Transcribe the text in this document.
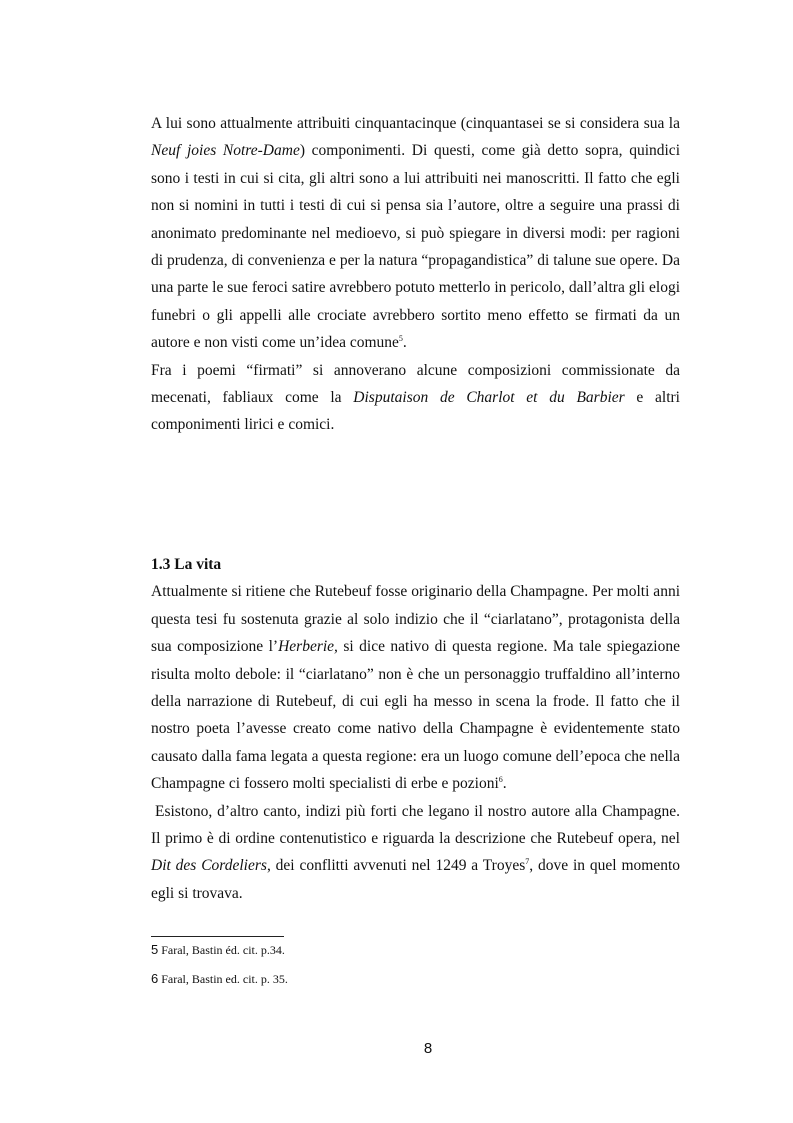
A lui sono attualmente attribuiti cinquantacinque (cinquantasei se si considera sua la Neuf joies Notre-Dame) componimenti. Di questi, come già detto sopra, quindici sono i testi in cui si cita, gli altri sono a lui attribuiti nei manoscritti. Il fatto che egli non si nomini in tutti i testi di cui si pensa sia l’autore, oltre a seguire una prassi di anonimato predominante nel medioevo, si può spiegare in diversi modi: per ragioni di prudenza, di convenienza e per la natura “propagandistica” di talune sue opere. Da una parte le sue feroci satire avrebbero potuto metterlo in pericolo, dall’altra gli elogi funebri o gli appelli alle crociate avrebbero sortito meno effetto se firmati da un autore e non visti come un’idea comune$^5$.

Fra i poemi “firmati” si annoverano alcune composizioni commissionate da mecenati, fabliaux come la Disputaison de Charlot et du Barbier e altri componimenti lirici e comici.

1.3 La vita

Attualmente si ritiene che Rutebeuf fosse originario della Champagne. Per molti anni questa tesi fu sostenuta grazie al solo indizio che il “ciarlatano”, protagonista della sua composizione l’Herberie, si dice nativo di questa regione. Ma tale spiegazione risulta molto debole: il “ciarlatano” non è che un personaggio truffaldino all’interno della narrazione di Rutebeuf, di cui egli ha messo in scena la frode. Il fatto che il nostro poeta l’avesse creato come nativo della Champagne è evidentemente stato causato dalla fama legata a questa regione: era un luogo comune dell’epoca che nella Champagne ci fossero molti specialisti di erbe e pozioni$^6$.

Esistono, d’altro canto, indizi più forti che legano il nostro autore alla Champagne. Il primo è di ordine contenutistico e riguarda la descrizione che Rutebeuf opera, nel Dit des Cordeliers, dei conflitti avvenuti nel 1249 a Troyes$^7$, dove in quel momento egli si trovava.

5 Faral, Bastin éd. cit. p.34.
6 Faral, Bastin ed. cit. p. 35.
8
